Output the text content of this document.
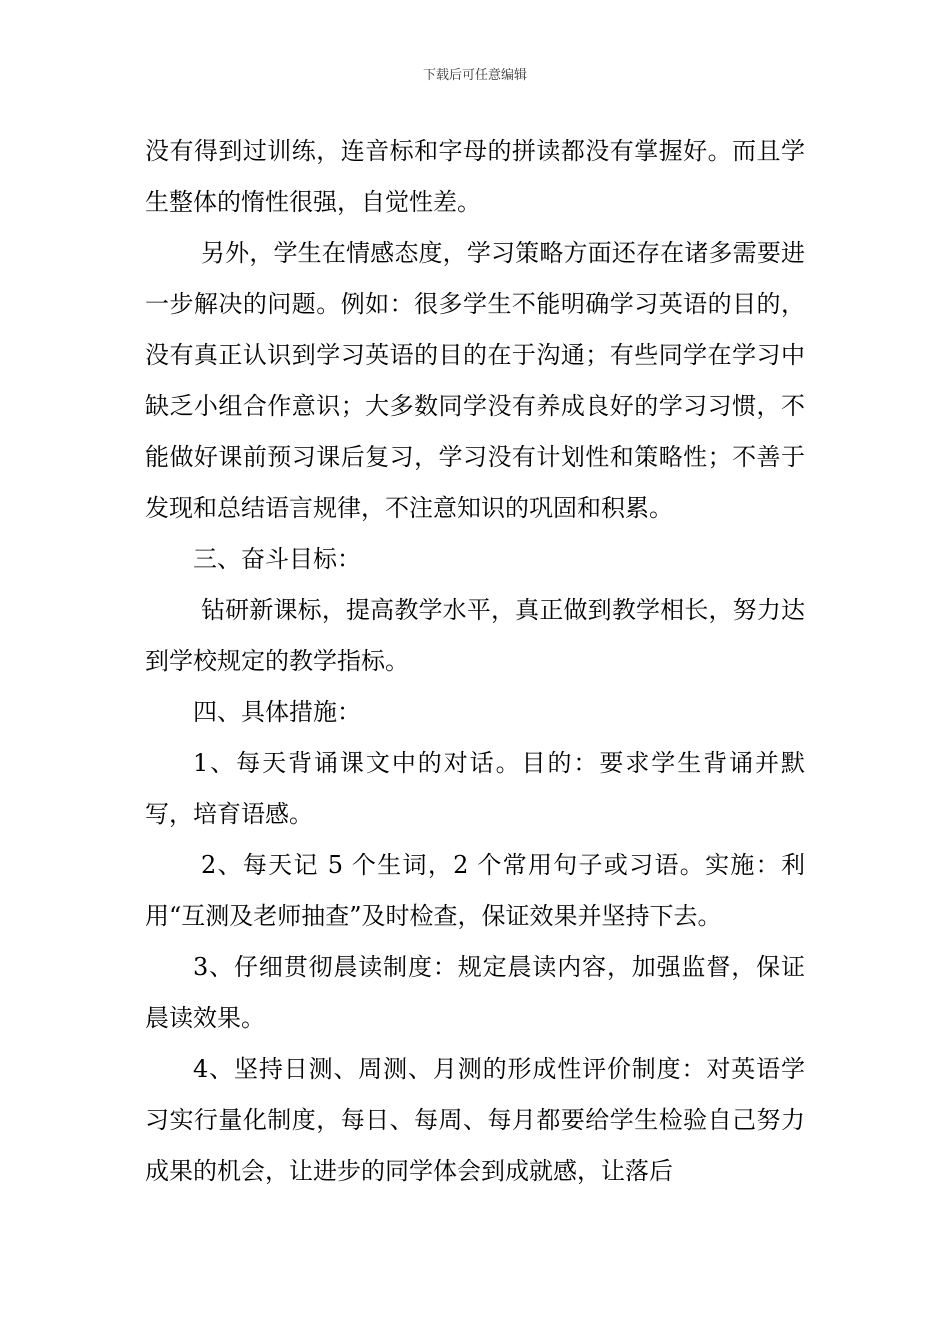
下载后可任意编辑

没有得到过训练，连音标和字母的拼读都没有掌握好。而且学生整体的惰性很强，自觉性差。

另外，学生在情感态度，学习策略方面还存在诸多需要进一步解决的问题。例如：很多学生不能明确学习英语的目的，没有真正认识到学习英语的目的在于沟通；有些同学在学习中缺乏小组合作意识；大多数同学没有养成良好的学习习惯，不能做好课前预习课后复习，学习没有计划性和策略性；不善于发现和总结语言规律，不注意知识的巩固和积累。

三、奋斗目标：

钻研新课标，提高教学水平，真正做到教学相长，努力达到学校规定的教学指标。

四、具体措施：

1、每天背诵课文中的对话。目的：要求学生背诵并默写，培育语感。

2、每天记 5 个生词，2 个常用句子或习语。实施：利用“互测及老师抽查”及时检查，保证效果并坚持下去。

3、仔细贯彻晨读制度：规定晨读内容，加强监督，保证晨读效果。

4、坚持日测、周测、月测的形成性评价制度：对英语学习实行量化制度，每日、每周、每月都要给学生检验自己努力成果的机会，让进步的同学体会到成就感，让落后
